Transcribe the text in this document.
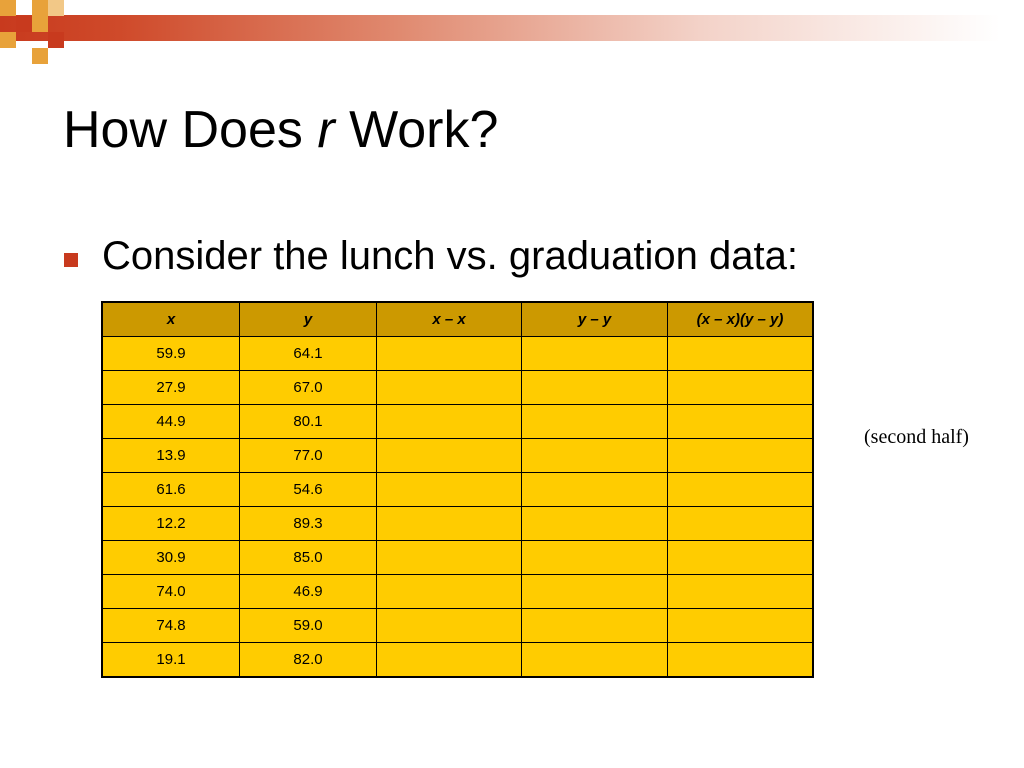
How Does r Work?
Consider the lunch vs. graduation data:
x	y	x – x	y – y	(x – x)(y – y)
59.9	64.1			
27.9	67.0			
44.9	80.1			
13.9	77.0			
61.6	54.6			
12.2	89.3			
30.9	85.0			
74.0	46.9			
74.8	59.0			
19.1	82.0			
(second half)
